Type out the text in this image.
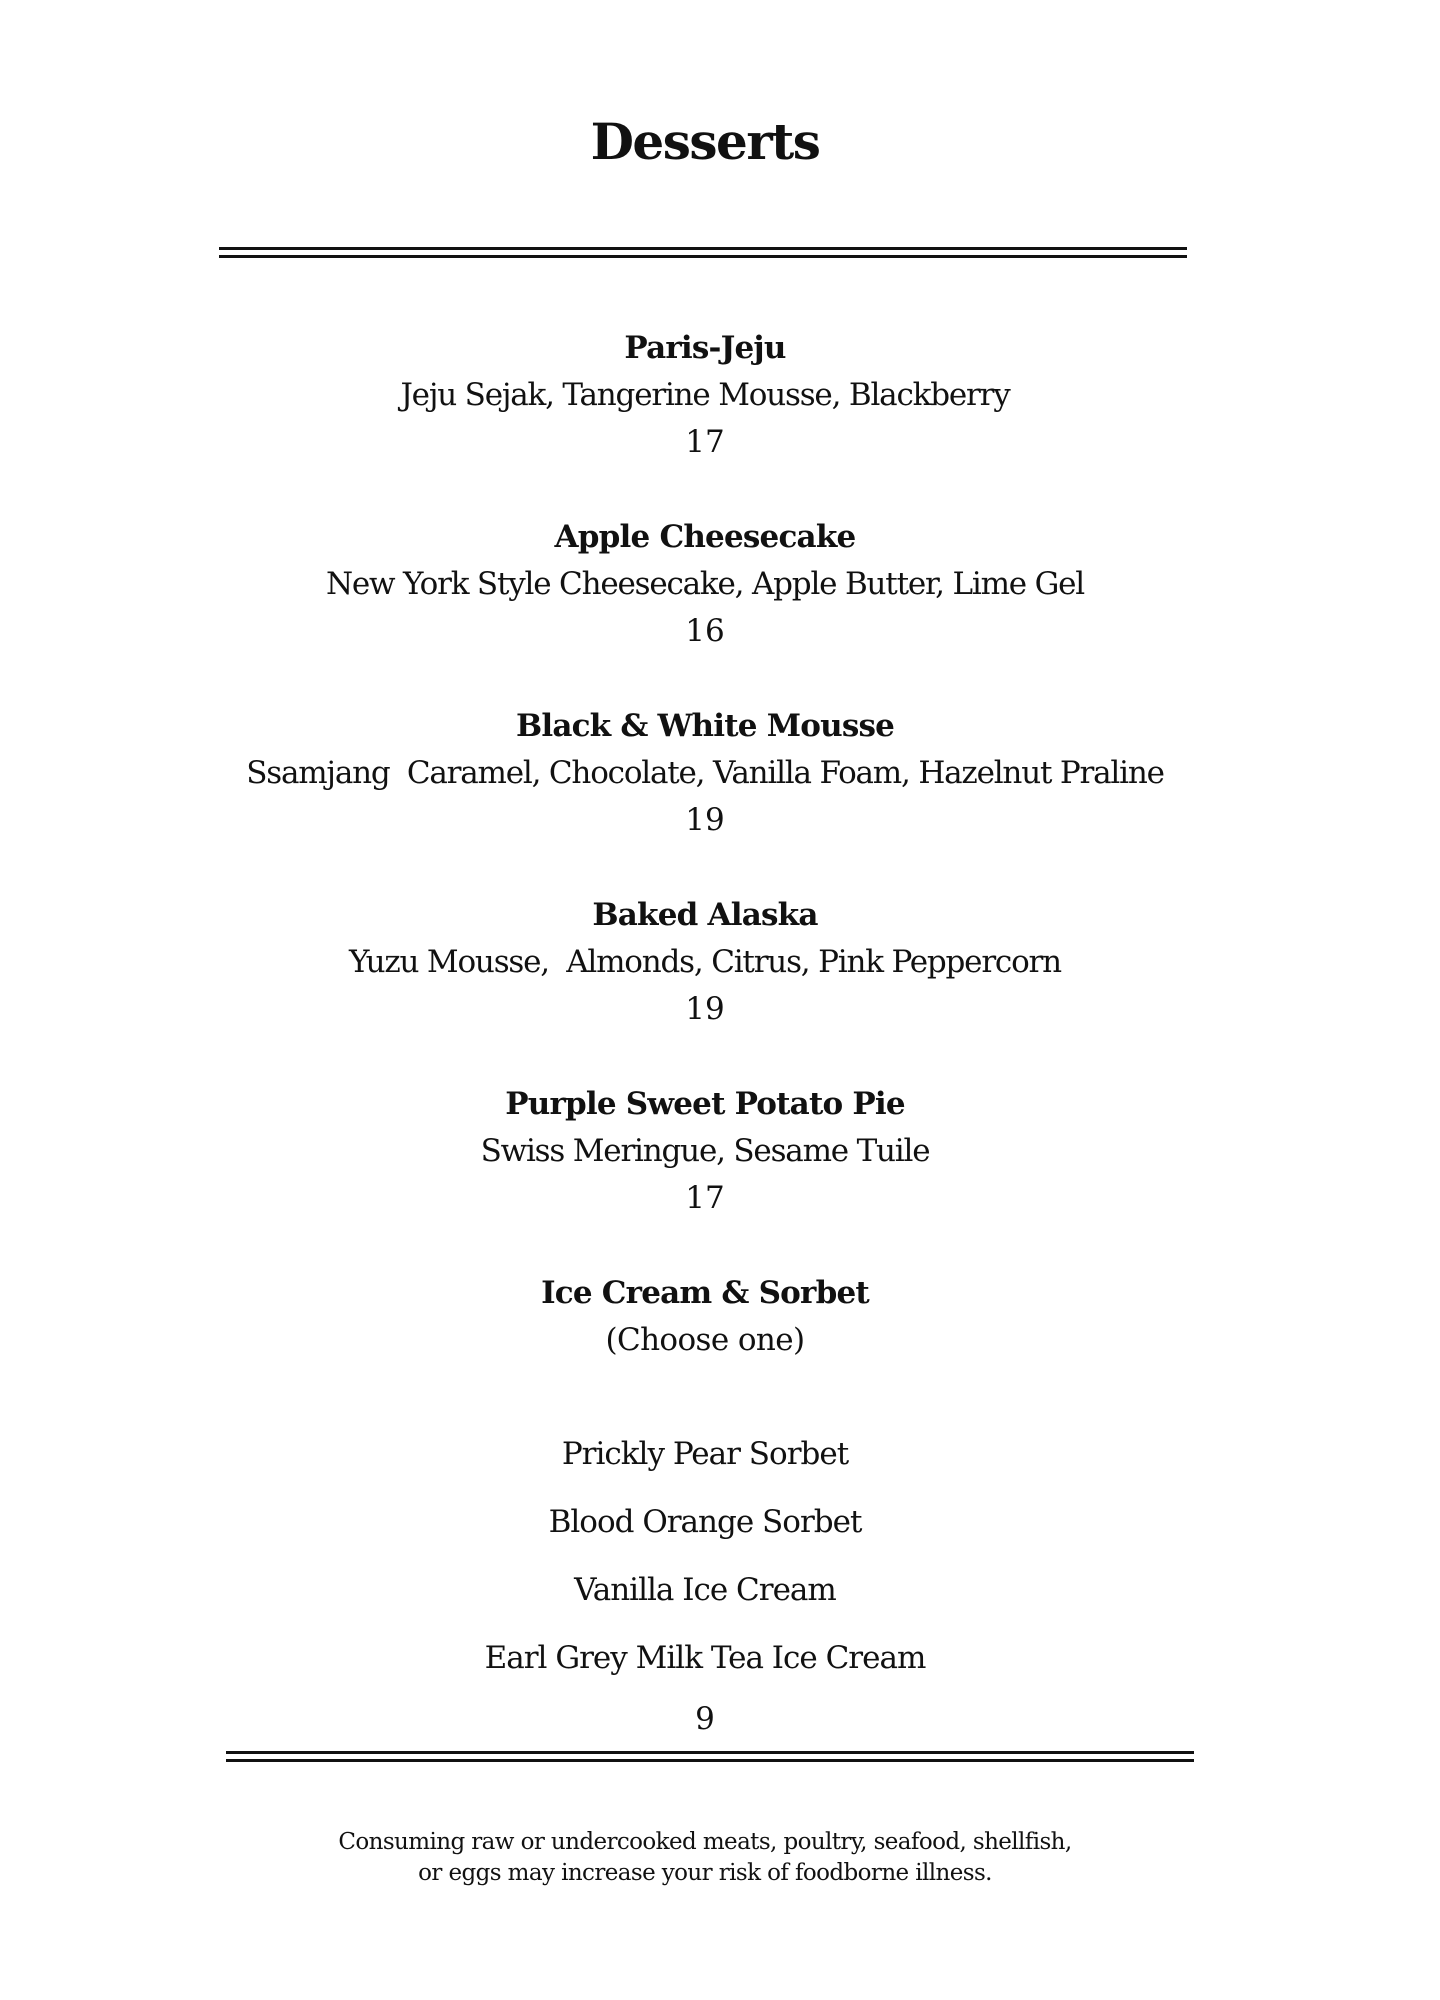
Desserts
Paris-Jeju
Jeju Sejak, Tangerine Mousse, Blackberry
17
Apple Cheesecake
New York Style Cheesecake, Apple Butter, Lime Gel
16
Black & White Mousse
Ssamjang  Caramel, Chocolate, Vanilla Foam, Hazelnut Praline
19
Baked Alaska
Yuzu Mousse,  Almonds, Citrus, Pink Peppercorn
19
Purple Sweet Potato Pie
Swiss Meringue, Sesame Tuile
17
Ice Cream & Sorbet
(Choose one)
Prickly Pear Sorbet
Blood Orange Sorbet
Vanilla Ice Cream
Earl Grey Milk Tea Ice Cream
9
Consuming raw or undercooked meats, poultry, seafood, shellfish,
or eggs may increase your risk of foodborne illness.
